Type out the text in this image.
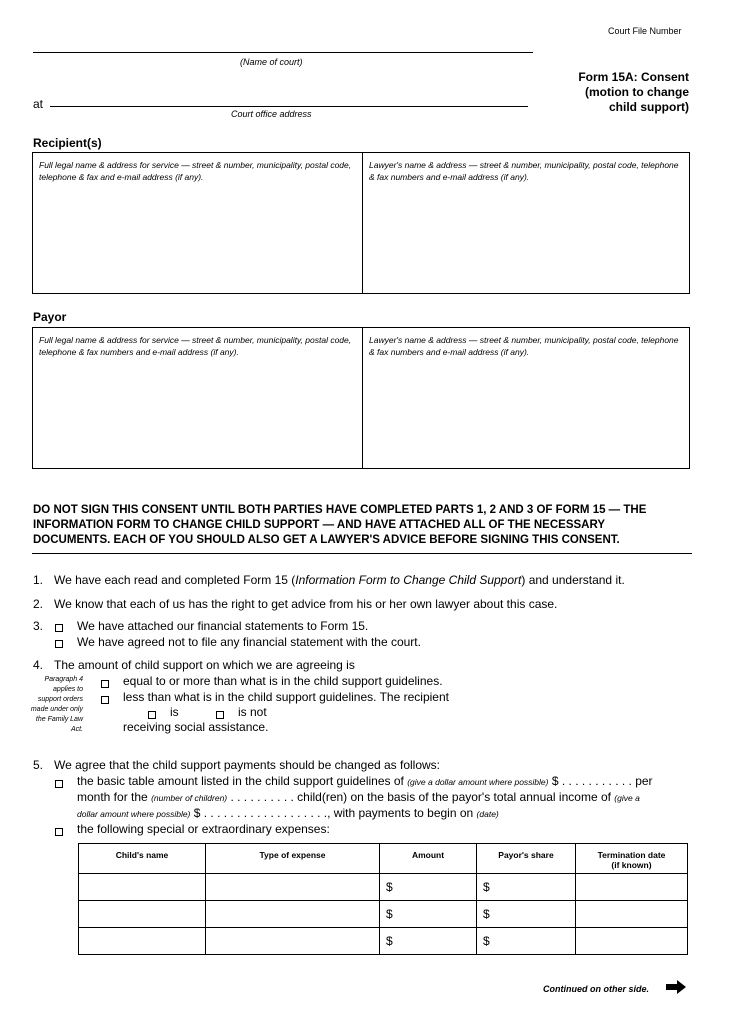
Court File Number
(Name of court)
at
Court office address
Form 15A: Consent
(motion to change
child support)
Recipient(s)
Full legal name & address for service — street & number, municipality, postal code, telephone & fax and e-mail address (if any).
Lawyer's name & address — street & number, municipality, postal code, telephone & fax numbers and e-mail address (if any).
Payor
Full legal name & address for service — street & number, municipality, postal code, telephone & fax numbers and e-mail address (if any).
Lawyer's name & address — street & number, municipality, postal code, telephone & fax numbers and e-mail address (if any).
DO NOT SIGN THIS CONSENT UNTIL BOTH PARTIES HAVE COMPLETED PARTS 1, 2 AND 3 OF FORM 15 — THE
INFORMATION FORM TO CHANGE CHILD SUPPORT — AND HAVE ATTACHED ALL OF THE NECESSARY
DOCUMENTS. EACH OF YOU SHOULD ALSO GET A LAWYER'S ADVICE BEFORE SIGNING THIS CONSENT.
1. We have each read and completed Form 15 (Information Form to Change Child Support) and understand it.
2. We know that each of us has the right to get advice from his or her own lawyer about this case.
3.	We have attached our financial statements to Form 15.
We have agreed not to file any financial statement with the court.
4. The amount of child support on which we are agreeing is
Paragraph 4
applies to
support orders
made under only
the Family Law
Act.
equal to or more than what is in the child support guidelines.
less than what is in the child support guidelines. The recipient
is	is not
receiving social assistance.
5. We agree that the child support payments should be changed as follows:
the basic table amount listed in the child support guidelines of (give a dollar amount where possible) $ . . . . . . . . . . . per
month for the (number of children) . . . . . . . . . . child(ren) on the basis of the payor's total annual income of (give a
dollar amount where possible) $ . . . . . . . . . . . . . . . . . . ., with payments to begin on (date)
the following special or extraordinary expenses:
Child's name	Type of expense	Amount	Payor's share	Termination date
(if known)

		$	$	
		$	$	
		$	$	
Continued on other side.
